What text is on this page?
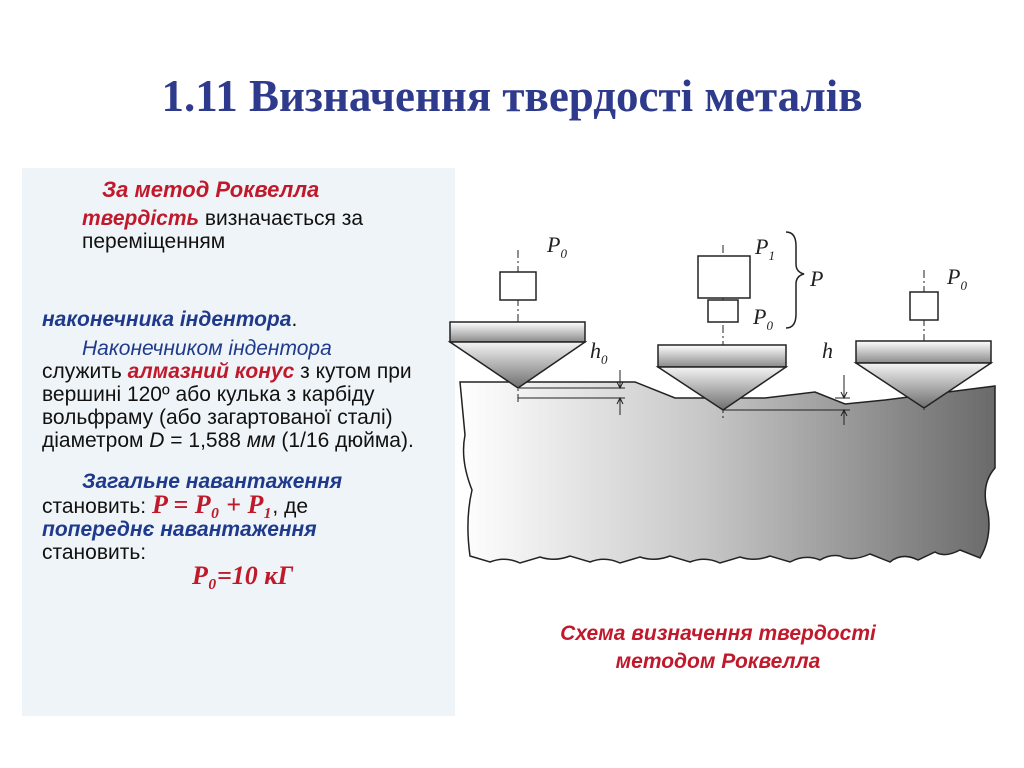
1.11 Визначення твердості металів

За метод Роквелла

твердість визначається за переміщенням

наконечника індентора.

Наконечником індентора
служить алмазний конус з кутом при вершині 120º або кулька з карбіду вольфраму (або загартованої сталі) діаметром D = 1,588 мм (1/16 дюйма).

Загальне навантаження
становить: P = P₀ + P₁, де
попереднє навантаження
становить:
P₀=10 кГ

$P_0$	$P_1$
P
$P_0$
$P_0$
$h_0$	h
Схема визначення твердості
методом Роквелла
